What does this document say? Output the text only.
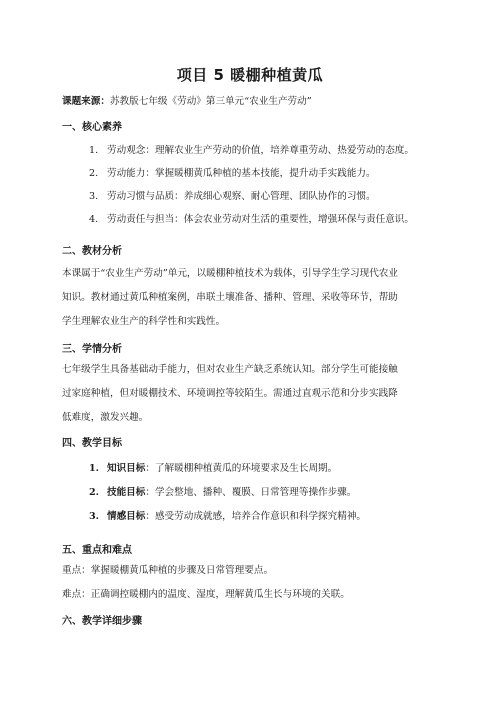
项目 5 暖棚种植黄瓜
课题来源：苏教版七年级《劳动》第三单元“农业生产劳动”
一、核心素养
1. 劳动观念：理解农业生产劳动的价值，培养尊重劳动、热爱劳动的态度。
2. 劳动能力：掌握暖棚黄瓜种植的基本技能，提升动手实践能力。
3. 劳动习惯与品质：养成细心观察、耐心管理、团队协作的习惯。
4. 劳动责任与担当：体会农业劳动对生活的重要性，增强环保与责任意识。
二、教材分析
本课属于“农业生产劳动”单元，以暖棚种植技术为载体，引导学生学习现代农业
知识。教材通过黄瓜种植案例，串联土壤准备、播种、管理、采收等环节，帮助
学生理解农业生产的科学性和实践性。
三、学情分析
七年级学生具备基础动手能力，但对农业生产缺乏系统认知。部分学生可能接触
过家庭种植，但对暖棚技术、环境调控等较陌生。需通过直观示范和分步实践降
低难度，激发兴趣。
四、教学目标
1. 知识目标：了解暖棚种植黄瓜的环境要求及生长周期。
2. 技能目标：学会整地、播种、覆膜、日常管理等操作步骤。
3. 情感目标：感受劳动成就感，培养合作意识和科学探究精神。
五、重点和难点
重点：掌握暖棚黄瓜种植的步骤及日常管理要点。
难点：正确调控暖棚内的温度、湿度，理解黄瓜生长与环境的关联。
六、教学详细步骤
